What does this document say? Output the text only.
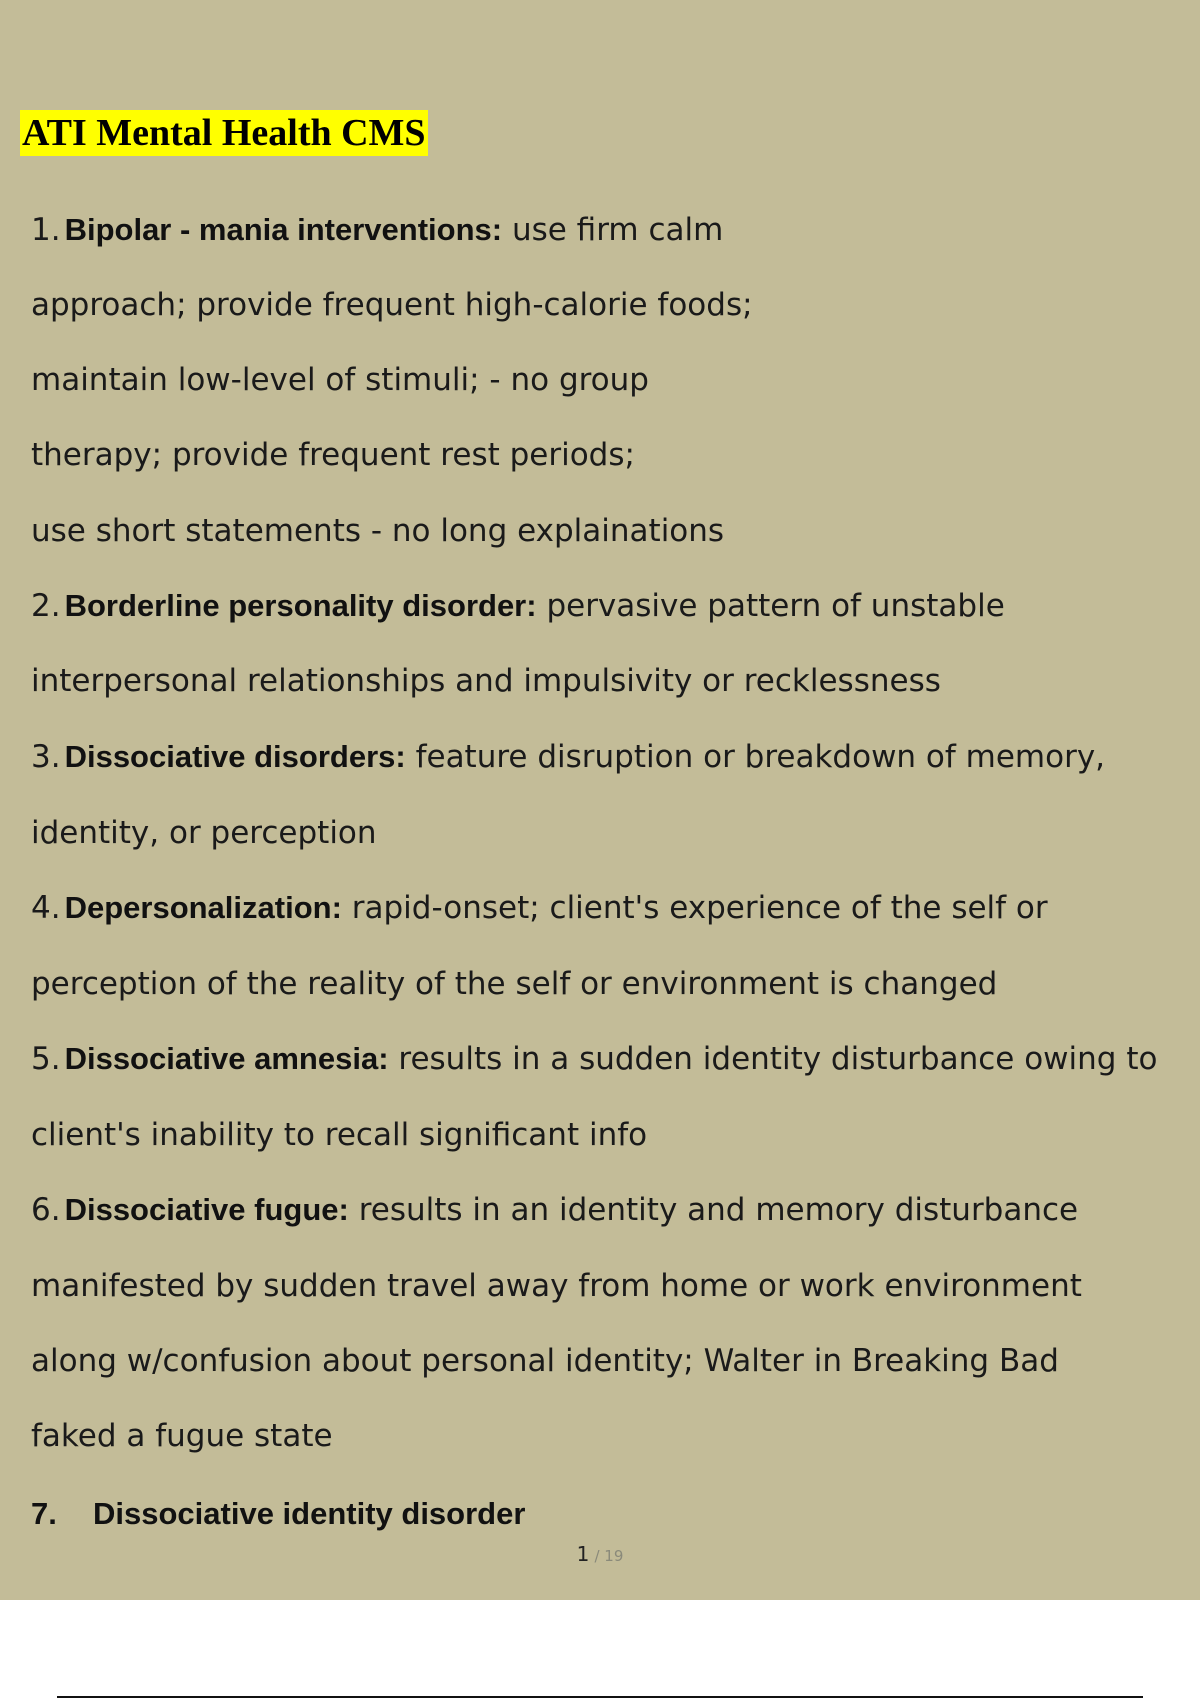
ATI Mental Health CMS
1. Bipolar - mania interventions: use firm calm
approach; provide frequent high-calorie foods;
maintain low-level of stimuli; - no group
therapy; provide frequent rest periods;
use short statements - no long explainations
2. Borderline personality disorder: pervasive pattern of unstable
interpersonal relationships and impulsivity or recklessness
3. Dissociative disorders: feature disruption or breakdown of memory,
identity, or perception
4. Depersonalization: rapid-onset; client's experience of the self or
perception of the reality of the self or environment is changed
5. Dissociative amnesia: results in a sudden identity disturbance owing to
client's inability to recall significant info
6. Dissociative fugue: results in an identity and memory disturbance
manifested by sudden travel away from home or work environment
along w/confusion about personal identity; Walter in Breaking Bad
faked a fugue state
7. Dissociative identity disorder
1 / 19
